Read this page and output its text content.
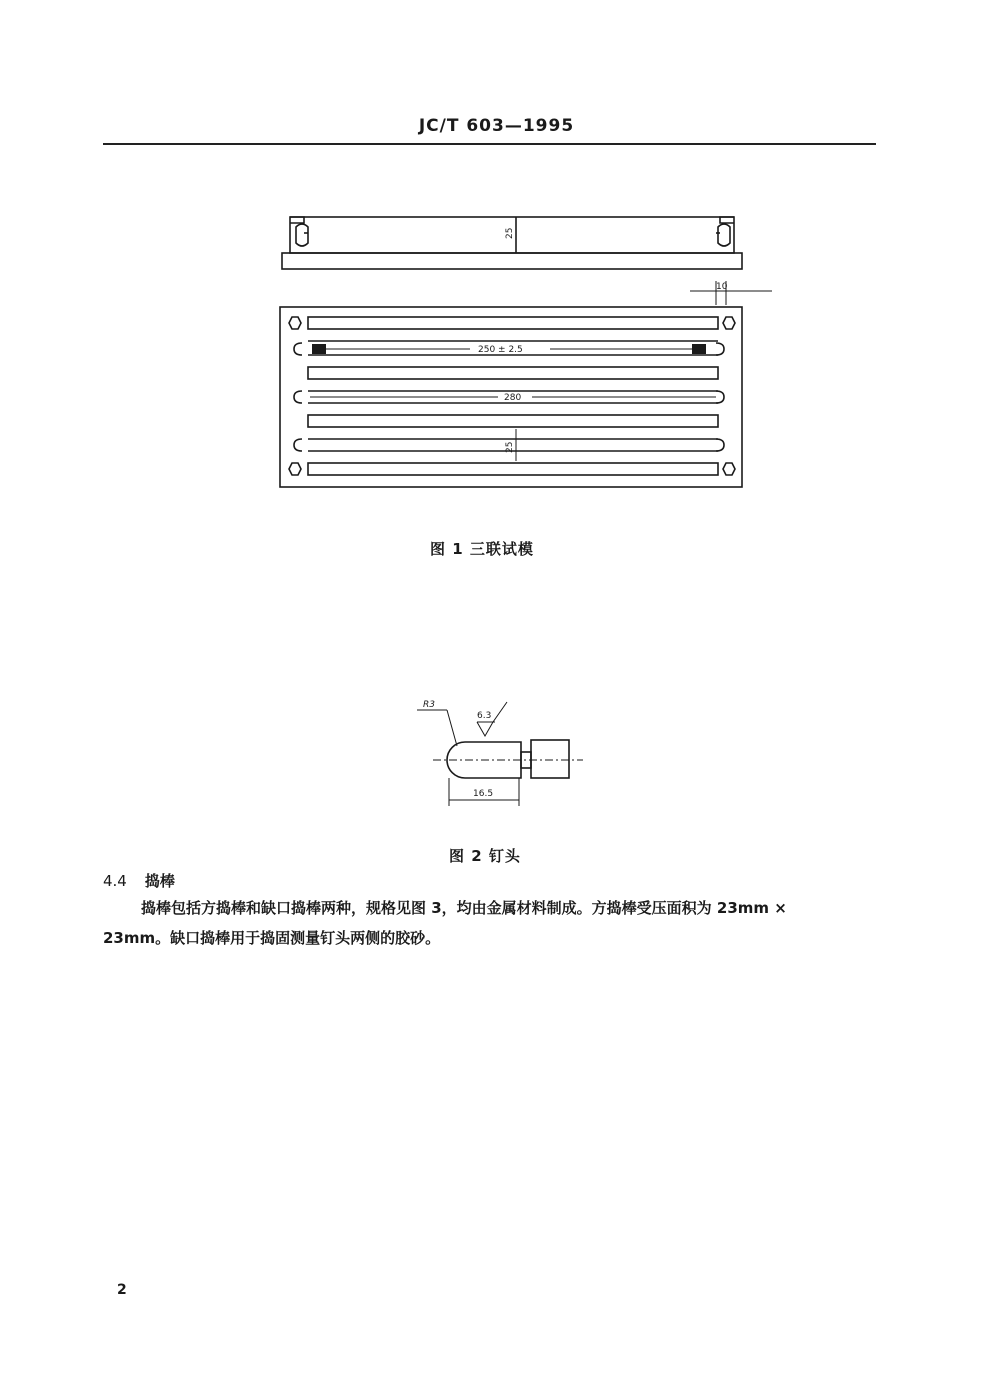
JC/T 603—1995
25
250 ± 2.5
280
25
10
图 1 三联试模
R3
6.3
16.5
图 2 钉头
4.4 捣棒
捣棒包括方捣棒和缺口捣棒两种，规格见图 3，均由金属材料制成。方捣棒受压面积为 23mm ×
23mm。缺口捣棒用于捣固测量钉头两侧的胶砂。
2
